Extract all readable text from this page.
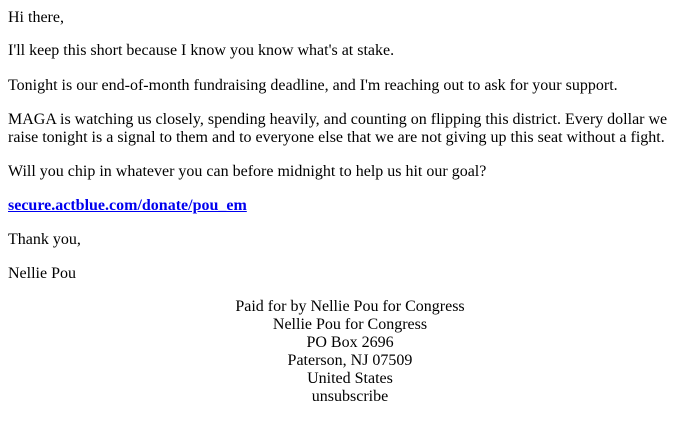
Hi there,

I'll keep this short because I know you know what's at stake.

Tonight is our end-of-month fundraising deadline, and I'm reaching out to ask for your support.

MAGA is watching us closely, spending heavily, and counting on flipping this district. Every dollar we raise tonight is a signal to them and to everyone else that we are not giving up this seat without a fight.

Will you chip in whatever you can before midnight to help us hit our goal?

secure.actblue.com/donate/pou_em

Thank you,

Nellie Pou

Paid for by Nellie Pou for Congress
Nellie Pou for Congress
PO Box 2696
Paterson, NJ 07509
United States
unsubscribe
